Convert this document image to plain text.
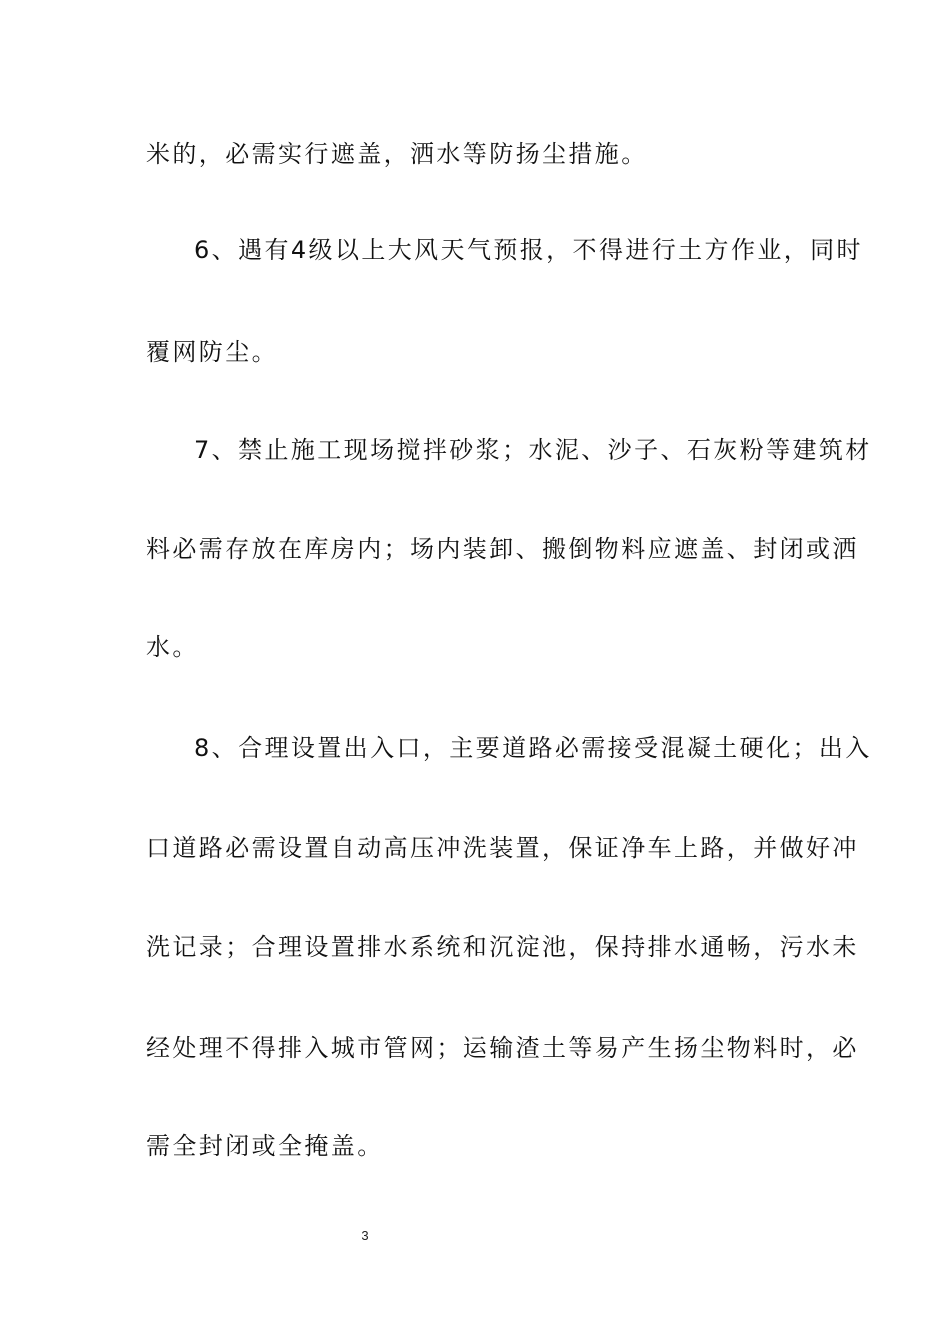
米的，必需实行遮盖，洒水等防扬尘措施。
6、遇有4级以上大风天气预报，不得进行土方作业，同时
覆网防尘。
7、禁止施工现场搅拌砂浆；水泥、沙子、石灰粉等建筑材
料必需存放在库房内；场内装卸、搬倒物料应遮盖、封闭或洒
水。
8、合理设置出入口，主要道路必需接受混凝土硬化；出入
口道路必需设置自动高压冲洗装置，保证净车上路，并做好冲
洗记录；合理设置排水系统和沉淀池，保持排水通畅，污水未
经处理不得排入城市管网；运输渣土等易产生扬尘物料时，必
需全封闭或全掩盖。
3
